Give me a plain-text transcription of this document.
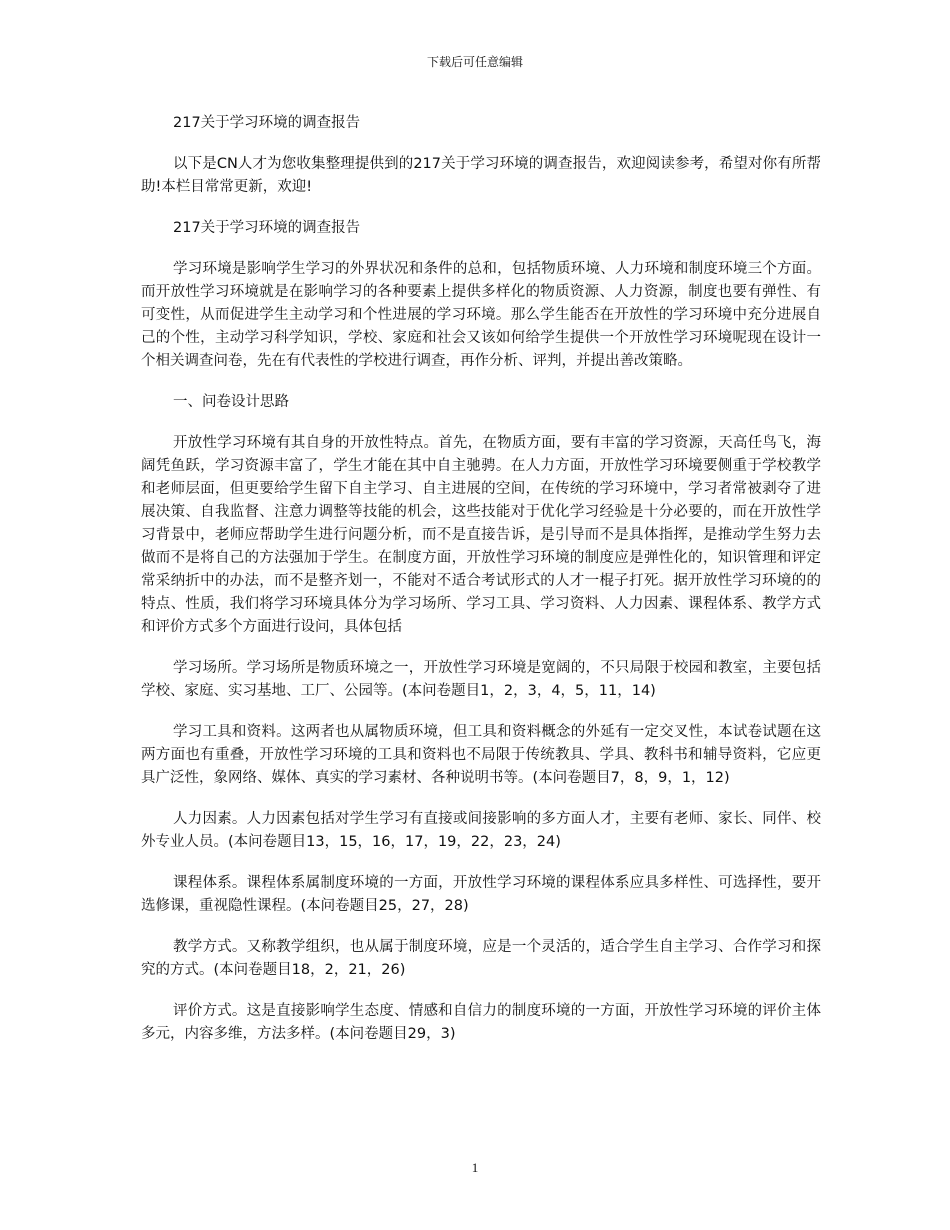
下载后可任意编辑

217关于学习环境的调查报告

以下是CN人才为您收集整理提供到的217关于学习环境的调查报告，欢迎阅读参考，希望对你有所帮助!本栏目常常更新，欢迎!

217关于学习环境的调查报告

学习环境是影响学生学习的外界状况和条件的总和，包括物质环境、人力环境和制度环境三个方面。而开放性学习环境就是在影响学习的各种要素上提供多样化的物质资源、人力资源，制度也要有弹性、有可变性，从而促进学生主动学习和个性进展的学习环境。那么学生能否在开放性的学习环境中充分进展自己的个性，主动学习科学知识，学校、家庭和社会又该如何给学生提供一个开放性学习环境呢现在设计一个相关调查问卷，先在有代表性的学校进行调查，再作分析、评判，并提出善改策略。

一、问卷设计思路

开放性学习环境有其自身的开放性特点。首先，在物质方面，要有丰富的学习资源，天高任鸟飞，海阔凭鱼跃，学习资源丰富了，学生才能在其中自主驰骋。在人力方面，开放性学习环境要侧重于学校教学和老师层面，但更要给学生留下自主学习、自主进展的空间，在传统的学习环境中，学习者常被剥夺了进展决策、自我监督、注意力调整等技能的机会，这些技能对于优化学习经验是十分必要的，而在开放性学习背景中，老师应帮助学生进行问题分析，而不是直接告诉，是引导而不是具体指挥，是推动学生努力去做而不是将自己的方法强加于学生。在制度方面，开放性学习环境的制度应是弹性化的，知识管理和评定常采纳折中的办法，而不是整齐划一，不能对不适合考试形式的人才一棍子打死。据开放性学习环境的的特点、性质，我们将学习环境具体分为学习场所、学习工具、学习资料、人力因素、课程体系、教学方式和评价方式多个方面进行设问，具体包括

学习场所。学习场所是物质环境之一，开放性学习环境是宽阔的，不只局限于校园和教室，主要包括学校、家庭、实习基地、工厂、公园等。(本问卷题目1，2，3，4，5，11，14)

学习工具和资料。这两者也从属物质环境，但工具和资料概念的外延有一定交叉性，本试卷试题在这两方面也有重叠，开放性学习环境的工具和资料也不局限于传统教具、学具、教科书和辅导资料，它应更具广泛性，象网络、媒体、真实的学习素材、各种说明书等。(本问卷题目7，8，9，1，12)

人力因素。人力因素包括对学生学习有直接或间接影响的多方面人才，主要有老师、家长、同伴、校外专业人员。(本问卷题目13，15，16，17，19，22，23，24)

课程体系。课程体系属制度环境的一方面，开放性学习环境的课程体系应具多样性、可选择性，要开选修课，重视隐性课程。(本问卷题目25，27，28)

教学方式。又称教学组织，也从属于制度环境，应是一个灵活的，适合学生自主学习、合作学习和探究的方式。(本问卷题目18，2，21，26)

评价方式。这是直接影响学生态度、情感和自信力的制度环境的一方面，开放性学习环境的评价主体多元，内容多维，方法多样。(本问卷题目29，3)

1
